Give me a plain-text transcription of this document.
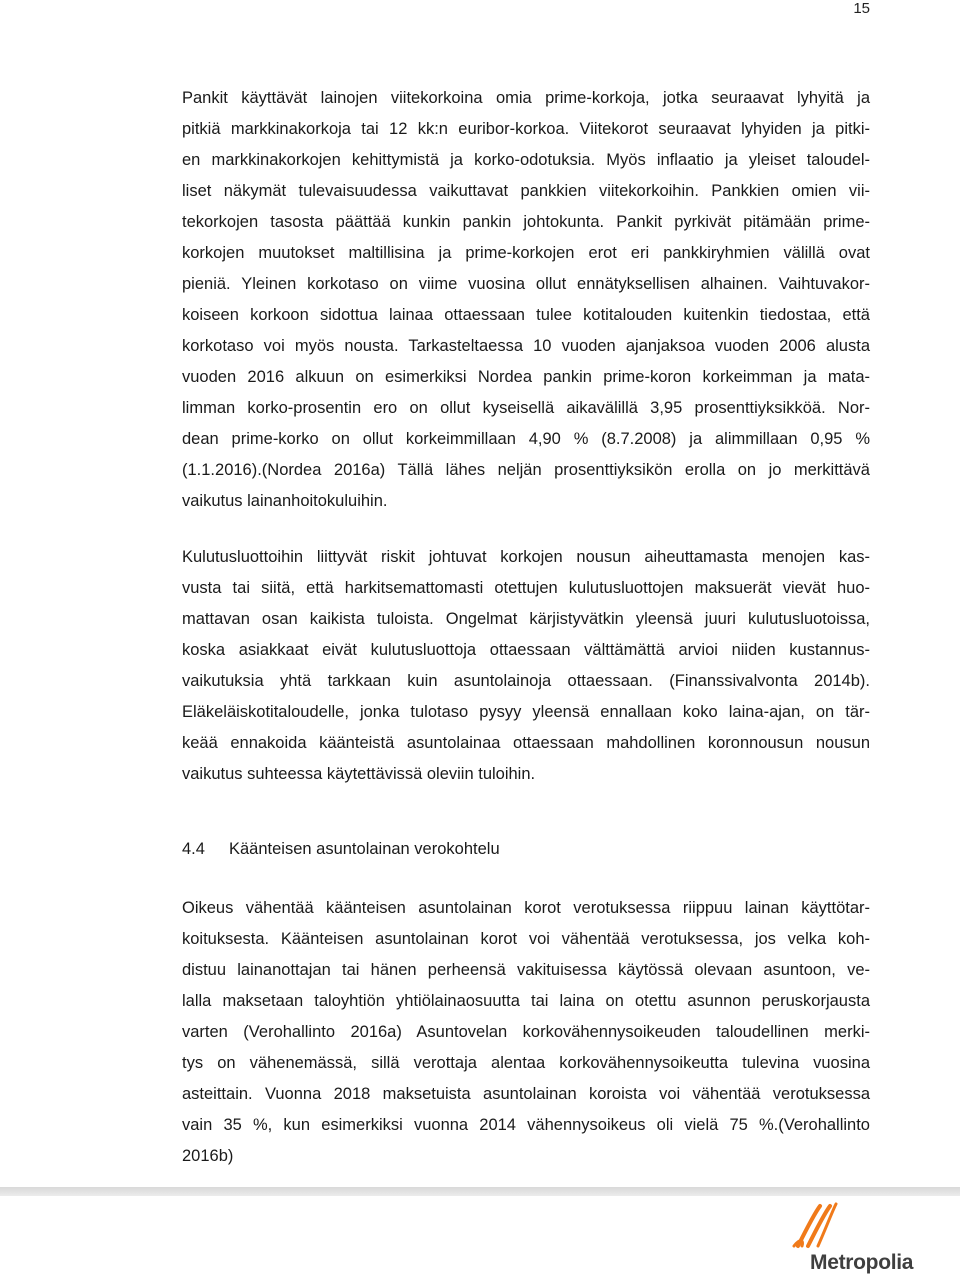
15
Pankit käyttävät lainojen viitekorkoina omia prime-korkoja, jotka seuraavat lyhyitä ja
pitkiä markkinakorkoja tai 12 kk:n euribor-korkoa. Viitekorot seuraavat lyhyiden ja pitki-
en markkinakorkojen kehittymistä ja korko-odotuksia. Myös inflaatio ja yleiset taloudel-
liset näkymät tulevaisuudessa vaikuttavat pankkien viitekorkoihin. Pankkien omien vii-
tekorkojen tasosta päättää kunkin pankin johtokunta. Pankit pyrkivät pitämään prime-
korkojen muutokset maltillisina ja prime-korkojen erot eri pankkiryhmien välillä ovat
pieniä. Yleinen korkotaso on viime vuosina ollut ennätyksellisen alhainen. Vaihtuvakor-
koiseen korkoon sidottua lainaa ottaessaan tulee kotitalouden kuitenkin tiedostaa, että
korkotaso voi myös nousta. Tarkasteltaessa 10 vuoden ajanjaksoa vuoden 2006 alusta
vuoden 2016 alkuun on esimerkiksi Nordea pankin prime-koron korkeimman ja mata-
limman korko-prosentin ero on ollut kyseisellä aikavälillä 3,95 prosenttiyksikköä. Nor-
dean prime-korko on ollut korkeimmillaan 4,90 % (8.7.2008) ja alimmillaan 0,95 %
(1.1.2016).(Nordea 2016a) Tällä lähes neljän prosenttiyksikön erolla on jo merkittävä
vaikutus lainanhoitokuluihin.
Kulutusluottoihin liittyvät riskit johtuvat korkojen nousun aiheuttamasta menojen kas-
vusta tai siitä, että harkitsemattomasti otettujen kulutusluottojen maksuerät vievät huo-
mattavan osan kaikista tuloista. Ongelmat kärjistyvätkin yleensä juuri kulutusluotoissa,
koska asiakkaat eivät kulutusluottoja ottaessaan välttämättä arvioi niiden kustannus-
vaikutuksia yhtä tarkkaan kuin asuntolainoja ottaessaan. (Finanssivalvonta 2014b).
Eläkeläiskotitaloudelle, jonka tulotaso pysyy yleensä ennallaan koko laina-ajan, on tär-
keää ennakoida käänteistä asuntolainaa ottaessaan mahdollinen koronnousun nousun
vaikutus suhteessa käytettävissä oleviin tuloihin.
4.4	Käänteisen asuntolainan verokohtelu
Oikeus vähentää käänteisen asuntolainan korot verotuksessa riippuu lainan käyttötar-
koituksesta. Käänteisen asuntolainan korot voi vähentää verotuksessa, jos velka koh-
distuu lainanottajan tai hänen perheensä vakituisessa käytössä olevaan asuntoon, ve-
lalla maksetaan taloyhtiön yhtiölainaosuutta tai laina on otettu asunnon peruskorjausta
varten (Verohallinto 2016a) Asuntovelan korkovähennysoikeuden taloudellinen merki-
tys on vähenemässä, sillä verottaja alentaa korkovähennysoikeutta tulevina vuosina
asteittain. Vuonna 2018 maksetuista asuntolainan koroista voi vähentää verotuksessa
vain 35 %, kun esimerkiksi vuonna 2014 vähennysoikeus oli vielä 75 %.(Verohallinto
2016b)
Metropolia
